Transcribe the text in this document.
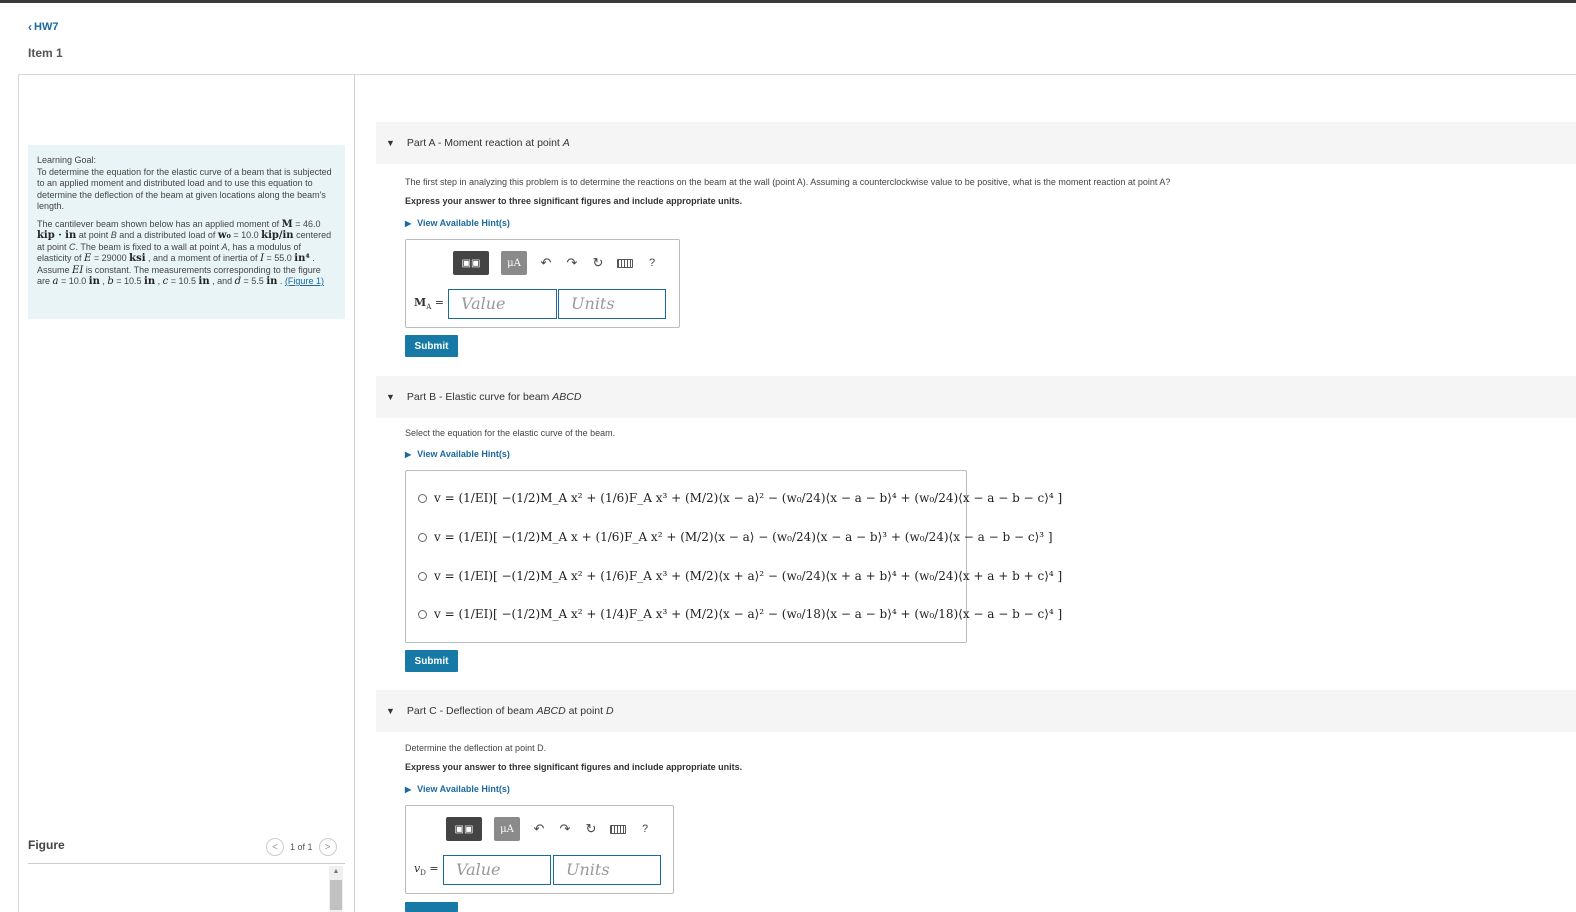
‹ HW7
Item 1

Learning Goal:
To determine the equation for the elastic curve of a beam that is subjected to an applied moment and distributed load and to use this equation to determine the deflection of the beam at given locations along the beam's length.

The cantilever beam shown below has an applied moment of M = 46.0 kip · in at point B and a distributed load of w₀ = 10.0 kip/in centered at point C. The beam is fixed to a wall at point A, has a modulus of elasticity of E = 29000 ksi , and a moment of inertia of I = 55.0 in⁴ . Assume EI is constant. The measurements corresponding to the figure are a = 10.0 in , b = 10.5 in , c = 10.5 in , and d = 5.5 in . (Figure 1)

Figure	<	1 of 1	>
▲
▼ Part A - Moment reaction at point A
The first step in analyzing this problem is to determine the reactions on the beam at the wall (point A). Assuming a counterclockwise value to be positive, what is the moment reaction at point A?
Express your answer to three significant figures and include appropriate units.
▶ View Available Hint(s)
▣▣	μA	↶ ↷ ↻	?
$M_A$ =	Value	Units
Submit
▼ Part B - Elastic curve for beam ABCD
Select the equation for the elastic curve of the beam.
▶ View Available Hint(s)
v = (1/EI)[ −(1/2)M_A x² + (1/6)F_A x³ + (M/2)⟨x − a⟩² − (w₀/24)⟨x − a − b⟩⁴ + (w₀/24)⟨x − a − b − c⟩⁴ ]
v = (1/EI)[ −(1/2)M_A x + (1/6)F_A x² + (M/2)⟨x − a⟩ − (w₀/24)⟨x − a − b⟩³ + (w₀/24)⟨x − a − b − c⟩³ ]
v = (1/EI)[ −(1/2)M_A x² + (1/6)F_A x³ + (M/2)⟨x + a⟩² − (w₀/24)⟨x + a + b⟩⁴ + (w₀/24)⟨x + a + b + c⟩⁴ ]
v = (1/EI)[ −(1/2)M_A x² + (1/4)F_A x³ + (M/2)⟨x − a⟩² − (w₀/18)⟨x − a − b⟩⁴ + (w₀/18)⟨x − a − b − c⟩⁴ ]
Submit
▼ Part C - Deflection of beam ABCD at point D
Determine the deflection at point D.
Express your answer to three significant figures and include appropriate units.
▶ View Available Hint(s)
▣▣	μA	↶ ↷ ↻	?
$v_D$ =	Value	Units
